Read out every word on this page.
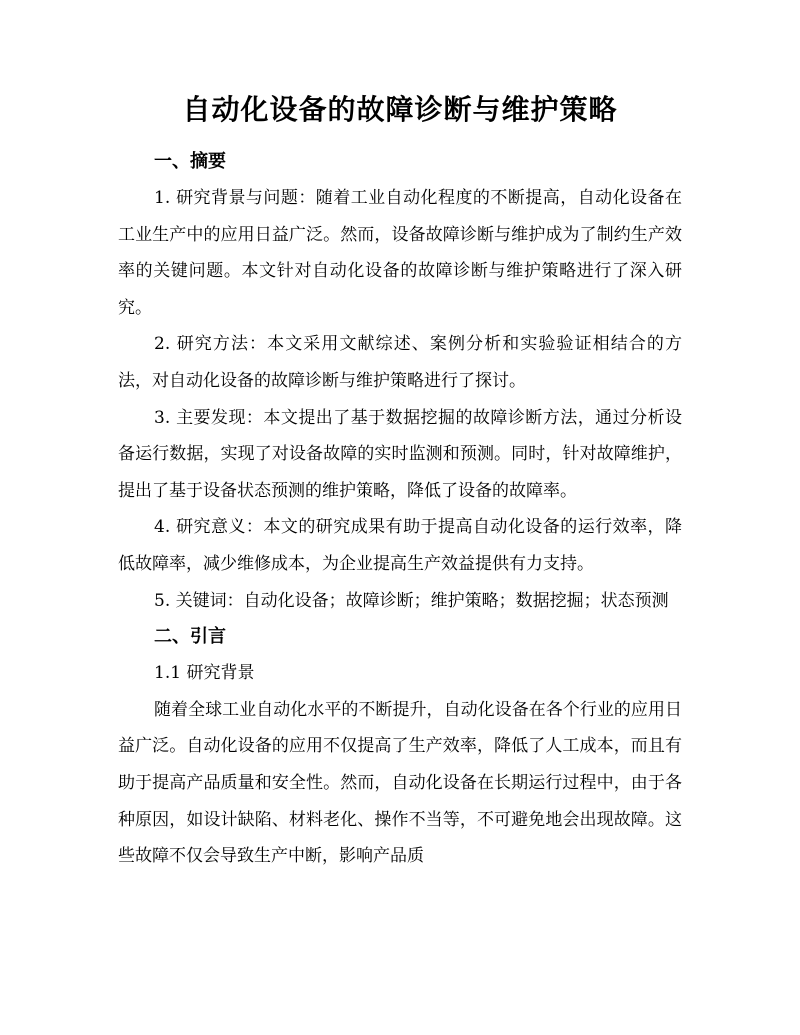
自动化设备的故障诊断与维护策略
一、摘要

1. 研究背景与问题：随着工业自动化程度的不断提高，自动化设备在工业生产中的应用日益广泛。然而，设备故障诊断与维护成为了制约生产效率的关键问题。本文针对自动化设备的故障诊断与维护策略进行了深入研究。

2. 研究方法：本文采用文献综述、案例分析和实验验证相结合的方法，对自动化设备的故障诊断与维护策略进行了探讨。

3. 主要发现：本文提出了基于数据挖掘的故障诊断方法，通过分析设备运行数据，实现了对设备故障的实时监测和预测。同时，针对故障维护，提出了基于设备状态预测的维护策略，降低了设备的故障率。

4. 研究意义：本文的研究成果有助于提高自动化设备的运行效率，降低故障率，减少维修成本，为企业提高生产效益提供有力支持。

5. 关键词：自动化设备；故障诊断；维护策略；数据挖掘；状态预测

二、引言
1.1 研究背景

随着全球工业自动化水平的不断提升，自动化设备在各个行业的应用日益广泛。自动化设备的应用不仅提高了生产效率，降低了人工成本，而且有助于提高产品质量和安全性。然而，自动化设备在长期运行过程中，由于各种原因，如设计缺陷、材料老化、操作不当等，不可避免地会出现故障。这些故障不仅会导致生产中断，影响产品质
